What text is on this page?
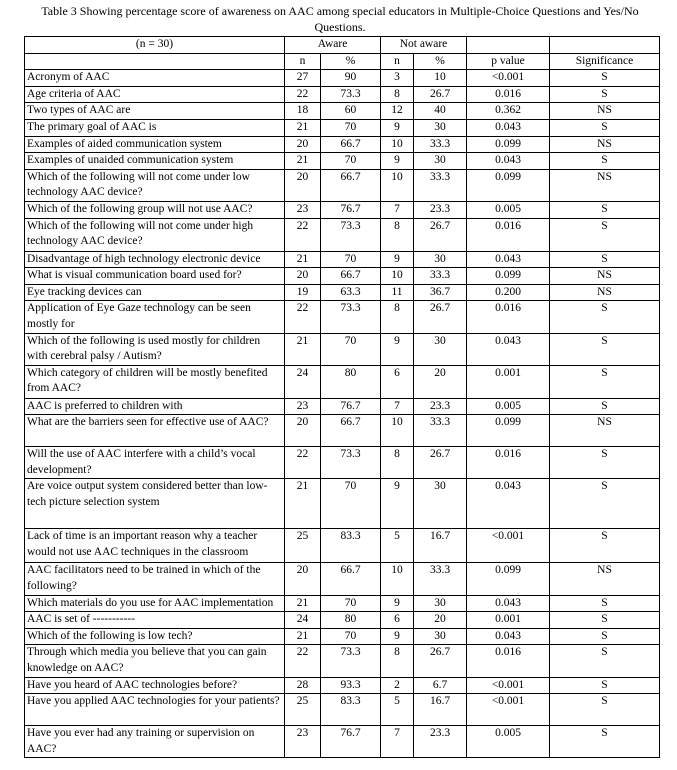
Table 3 Showing percentage score of awareness on AAC among special educators in Multiple-Choice Questions and Yes/No Questions.
(n = 30)	Aware		Not aware			
	n	%	n	%	p value	Significance
Acronym of AAC	27	90	3	10	<0.001	S
Age criteria of AAC	22	73.3	8	26.7	0.016	S
Two types of AAC are	18	60	12	40	0.362	NS
The primary goal of AAC is	21	70	9	30	0.043	S
Examples of aided communication system	20	66.7	10	33.3	0.099	NS
Examples of unaided communication system	21	70	9	30	0.043	S
Which of the following will not come under low technology AAC device?	20	66.7	10	33.3	0.099	NS
Which of the following group will not use AAC?	23	76.7	7	23.3	0.005	S
Which of the following will not come under high technology AAC device?	22	73.3	8	26.7	0.016	S
Disadvantage of high technology electronic device	21	70	9	30	0.043	S
What is visual communication board used for?	20	66.7	10	33.3	0.099	NS
Eye tracking devices can	19	63.3	11	36.7	0.200	NS
Application of Eye Gaze technology can be seen mostly for	22	73.3	8	26.7	0.016	S
Which of the following is used mostly for children with cerebral palsy / Autism?	21	70	9	30	0.043	S
Which category of children will be mostly benefited from AAC?	24	80	6	20	0.001	S
AAC is preferred to children with	23	76.7	7	23.3	0.005	S
What are the barriers seen for effective use of AAC?	20	66.7	10	33.3	0.099	NS
Will the use of AAC interfere with a child’s vocal development?	22	73.3	8	26.7	0.016	S
Are voice output system considered better than low-tech picture selection system	21	70	9	30	0.043	S
Lack of time is an important reason why a teacher would not use AAC techniques in the classroom	25	83.3	5	16.7	<0.001	S
AAC facilitators need to be trained in which of the following?	20	66.7	10	33.3	0.099	NS
Which materials do you use for AAC implementation	21	70	9	30	0.043	S
AAC is set of -----------	24	80	6	20	0.001	S
Which of the following is low tech?	21	70	9	30	0.043	S
Through which media you believe that you can gain knowledge on AAC?	22	73.3	8	26.7	0.016	S
Have you heard of AAC technologies before?	28	93.3	2	6.7	<0.001	S
Have you applied AAC technologies for your patients?	25	83.3	5	16.7	<0.001	S
Have you ever had any training or supervision on AAC?	23	76.7	7	23.3	0.005	S
